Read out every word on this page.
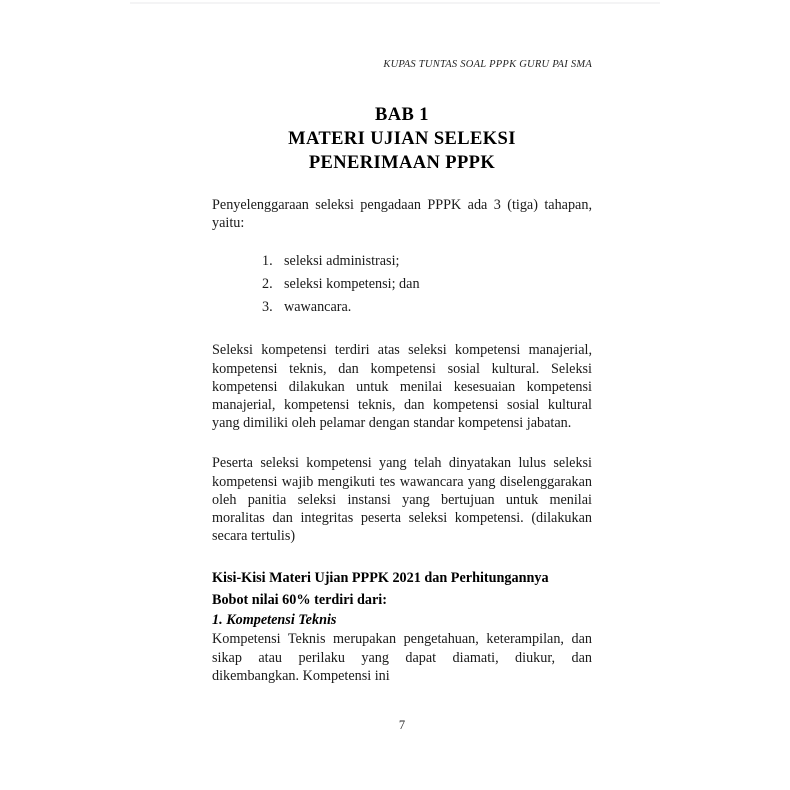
KUPAS TUNTAS SOAL PPPK GURU PAI SMA
BAB 1
MATERI UJIAN SELEKSI
PENERIMAAN PPPK

Penyelenggaraan seleksi pengadaan PPPK ada 3 (tiga) tahapan, yaitu:

1. seleksi administrasi;
2. seleksi kompetensi; dan
3. wawancara.

Seleksi kompetensi terdiri atas seleksi kompetensi manajerial, kompetensi teknis, dan kompetensi sosial kultural. Seleksi kompetensi dilakukan untuk menilai kesesuaian kompetensi manajerial, kompetensi teknis, dan kompetensi sosial kultural yang dimiliki oleh pelamar dengan standar kompetensi jabatan.

Peserta seleksi kompetensi yang telah dinyatakan lulus seleksi kompetensi wajib mengikuti tes wawancara yang diselenggarakan oleh panitia seleksi instansi yang bertujuan untuk menilai moralitas dan integritas peserta seleksi kompetensi. (dilakukan secara tertulis)

Kisi-Kisi Materi Ujian PPPK 2021 dan Perhitungannya

Bobot nilai 60% terdiri dari:

1. Kompetensi Teknis

Kompetensi Teknis merupakan pengetahuan, keterampilan, dan sikap atau perilaku yang dapat diamati, diukur, dan dikembangkan. Kompetensi ini

7
